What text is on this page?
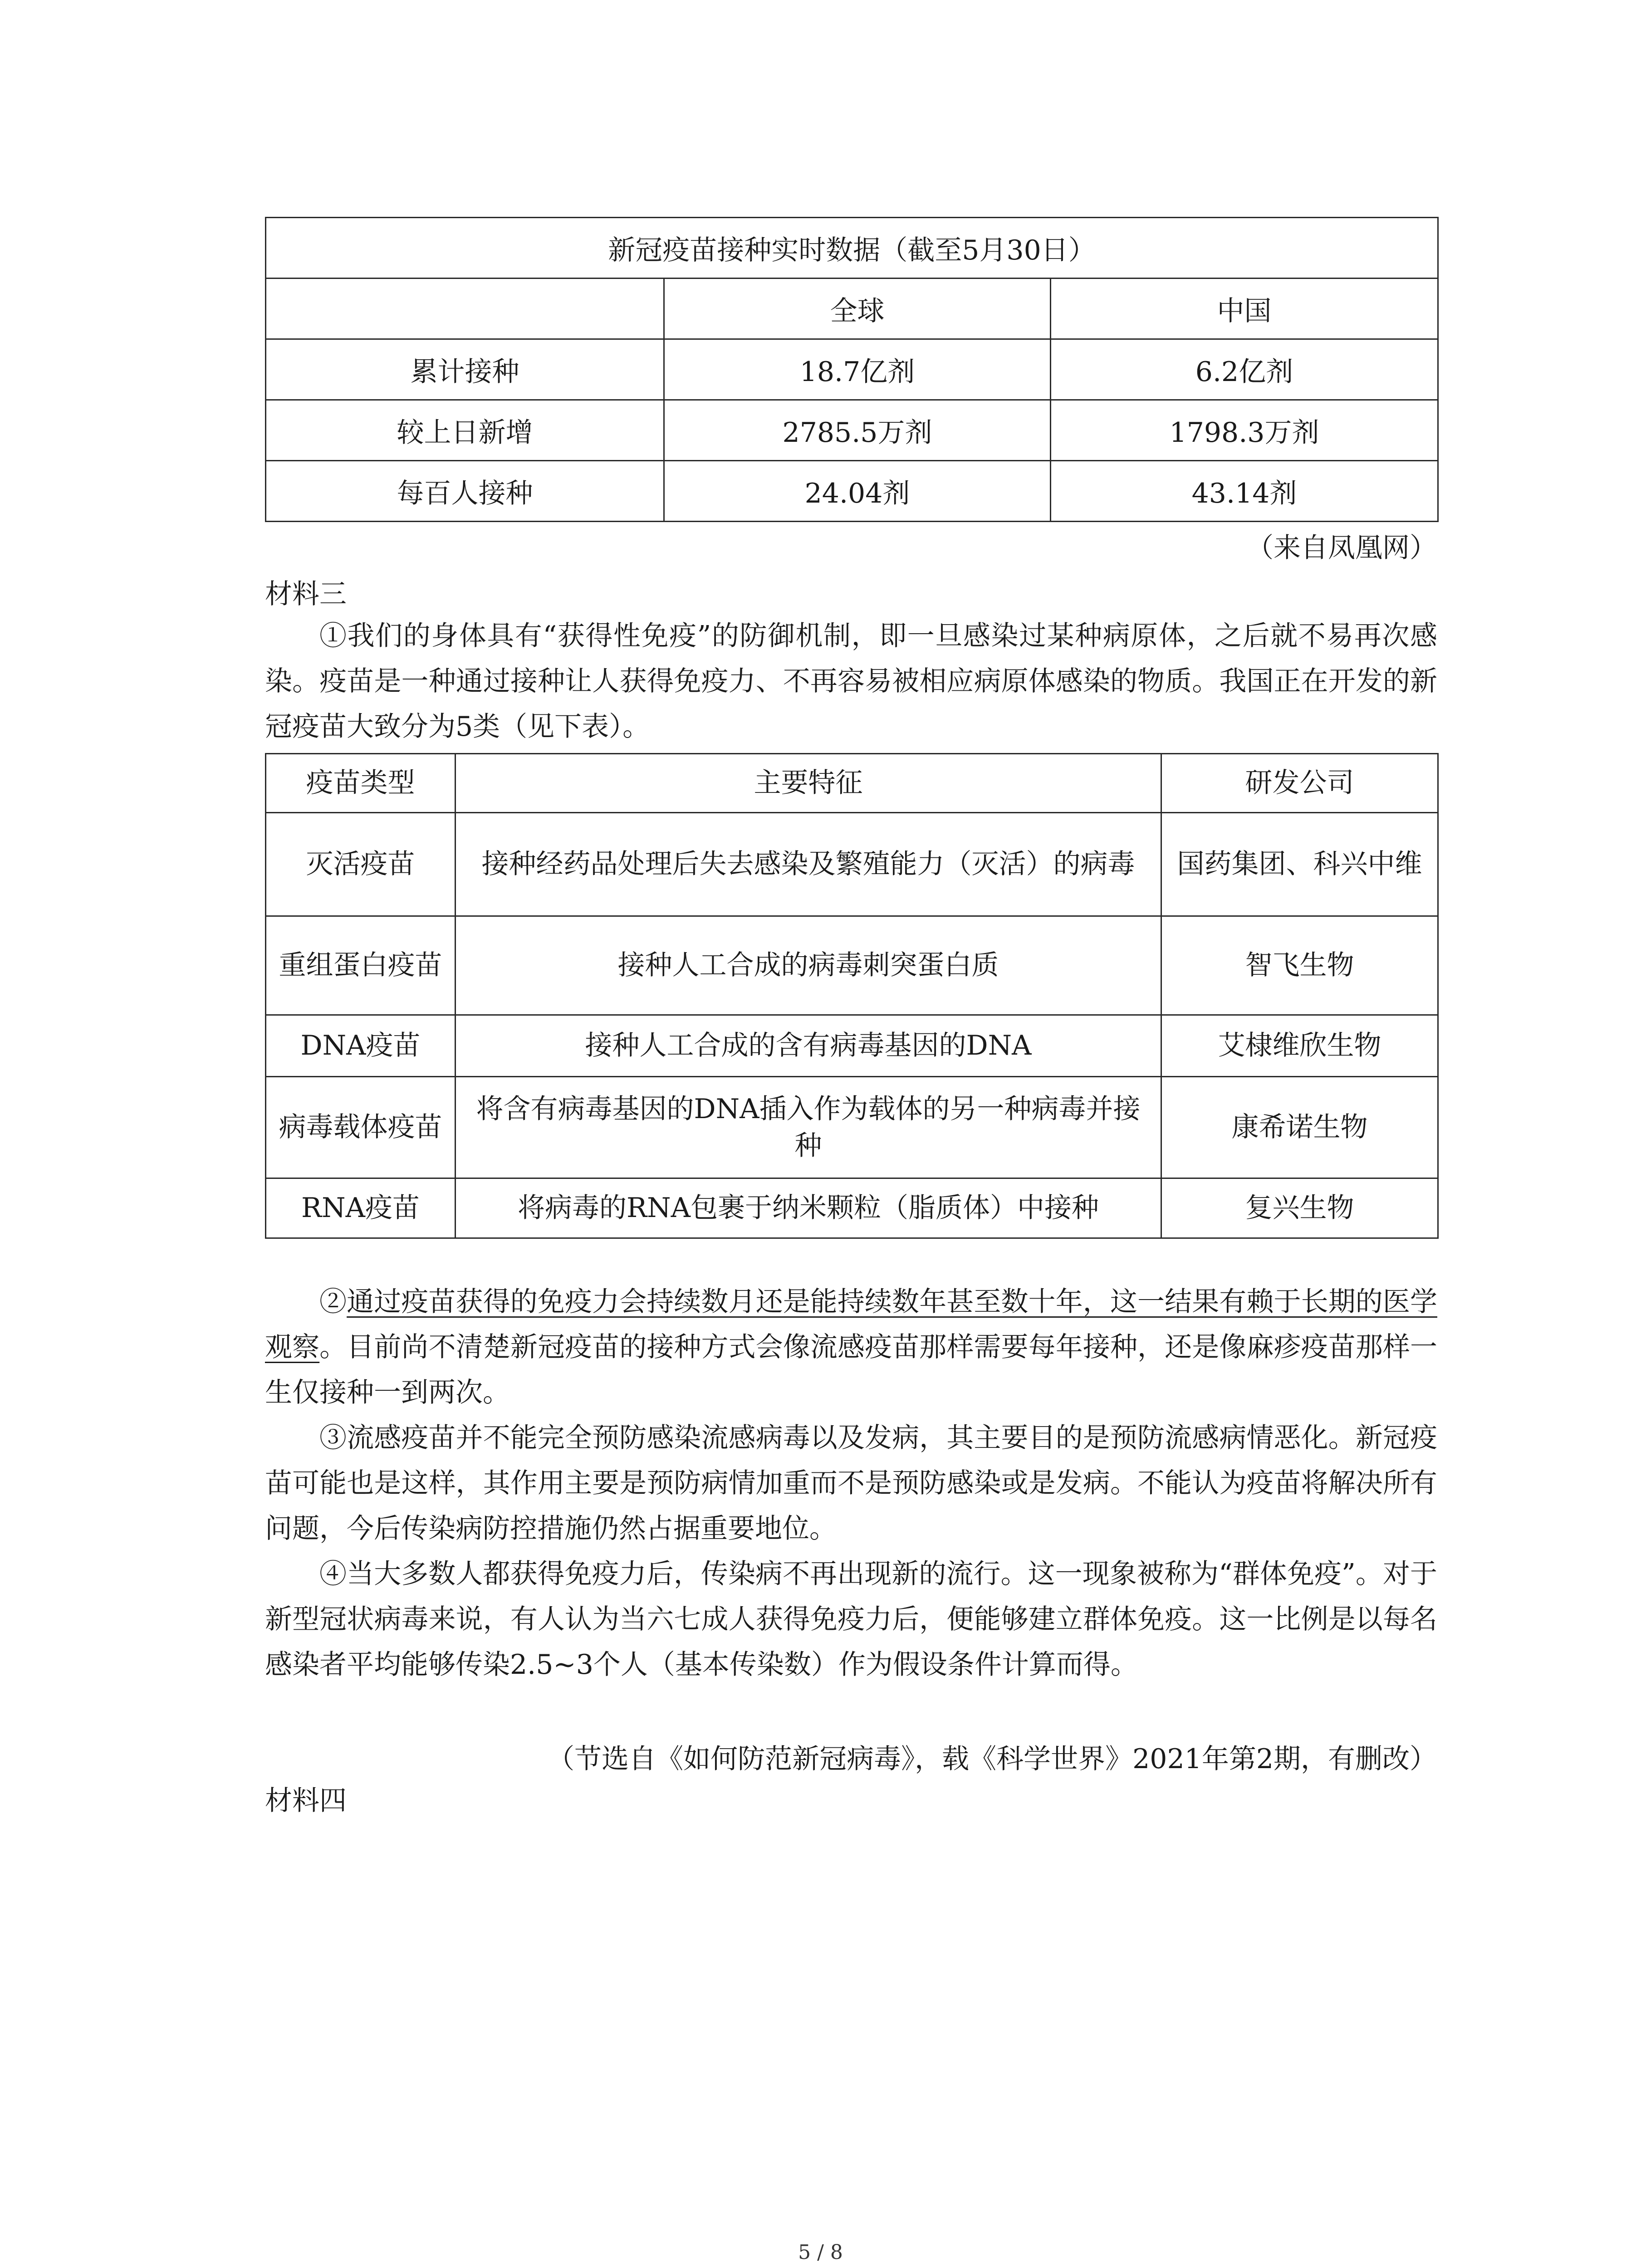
新冠疫苗接种实时数据（截至5月30日）		
	全球	中国
累计接种	18.7亿剂	6.2亿剂
较上日新增	2785.5万剂	1798.3万剂
每百人接种	24.04剂	43.14剂
（来自凤凰网）
材料三
①我们的身体具有“获得性免疫”的防御机制，即一旦感染过某种病原体，之后就不易再次感染。疫苗是一种通过接种让人获得免疫力、不再容易被相应病原体感染的物质。我国正在开发的新冠疫苗大致分为5类（见下表）。
疫苗类型	主要特征	研发公司
灭活疫苗	接种经药品处理后失去感染及繁殖能力（灭活）的病毒	国药集团、科兴中维
重组蛋白疫苗	接种人工合成的病毒刺突蛋白质	智飞生物
DNA疫苗	接种人工合成的含有病毒基因的DNA	艾棣维欣生物
病毒载体疫苗	将含有病毒基因的DNA插入作为载体的另一种病毒并接种	康希诺生物
RNA疫苗	将病毒的RNA包裹于纳米颗粒（脂质体）中接种	复兴生物
②通过疫苗获得的免疫力会持续数月还是能持续数年甚至数十年，这一结果有赖于长期的医学观察。目前尚不清楚新冠疫苗的接种方式会像流感疫苗那样需要每年接种，还是像麻疹疫苗那样一生仅接种一到两次。
③流感疫苗并不能完全预防感染流感病毒以及发病，其主要目的是预防流感病情恶化。新冠疫苗可能也是这样，其作用主要是预防病情加重而不是预防感染或是发病。不能认为疫苗将解决所有问题，今后传染病防控措施仍然占据重要地位。
④当大多数人都获得免疫力后，传染病不再出现新的流行。这一现象被称为“群体免疫”。对于新型冠状病毒来说，有人认为当六七成人获得免疫力后，便能够建立群体免疫。这一比例是以每名感染者平均能够传染2.5~3个人（基本传染数）作为假设条件计算而得。
（节选自《如何防范新冠病毒》，载《科学世界》2021年第2期，有删改）
材料四
5 / 8
